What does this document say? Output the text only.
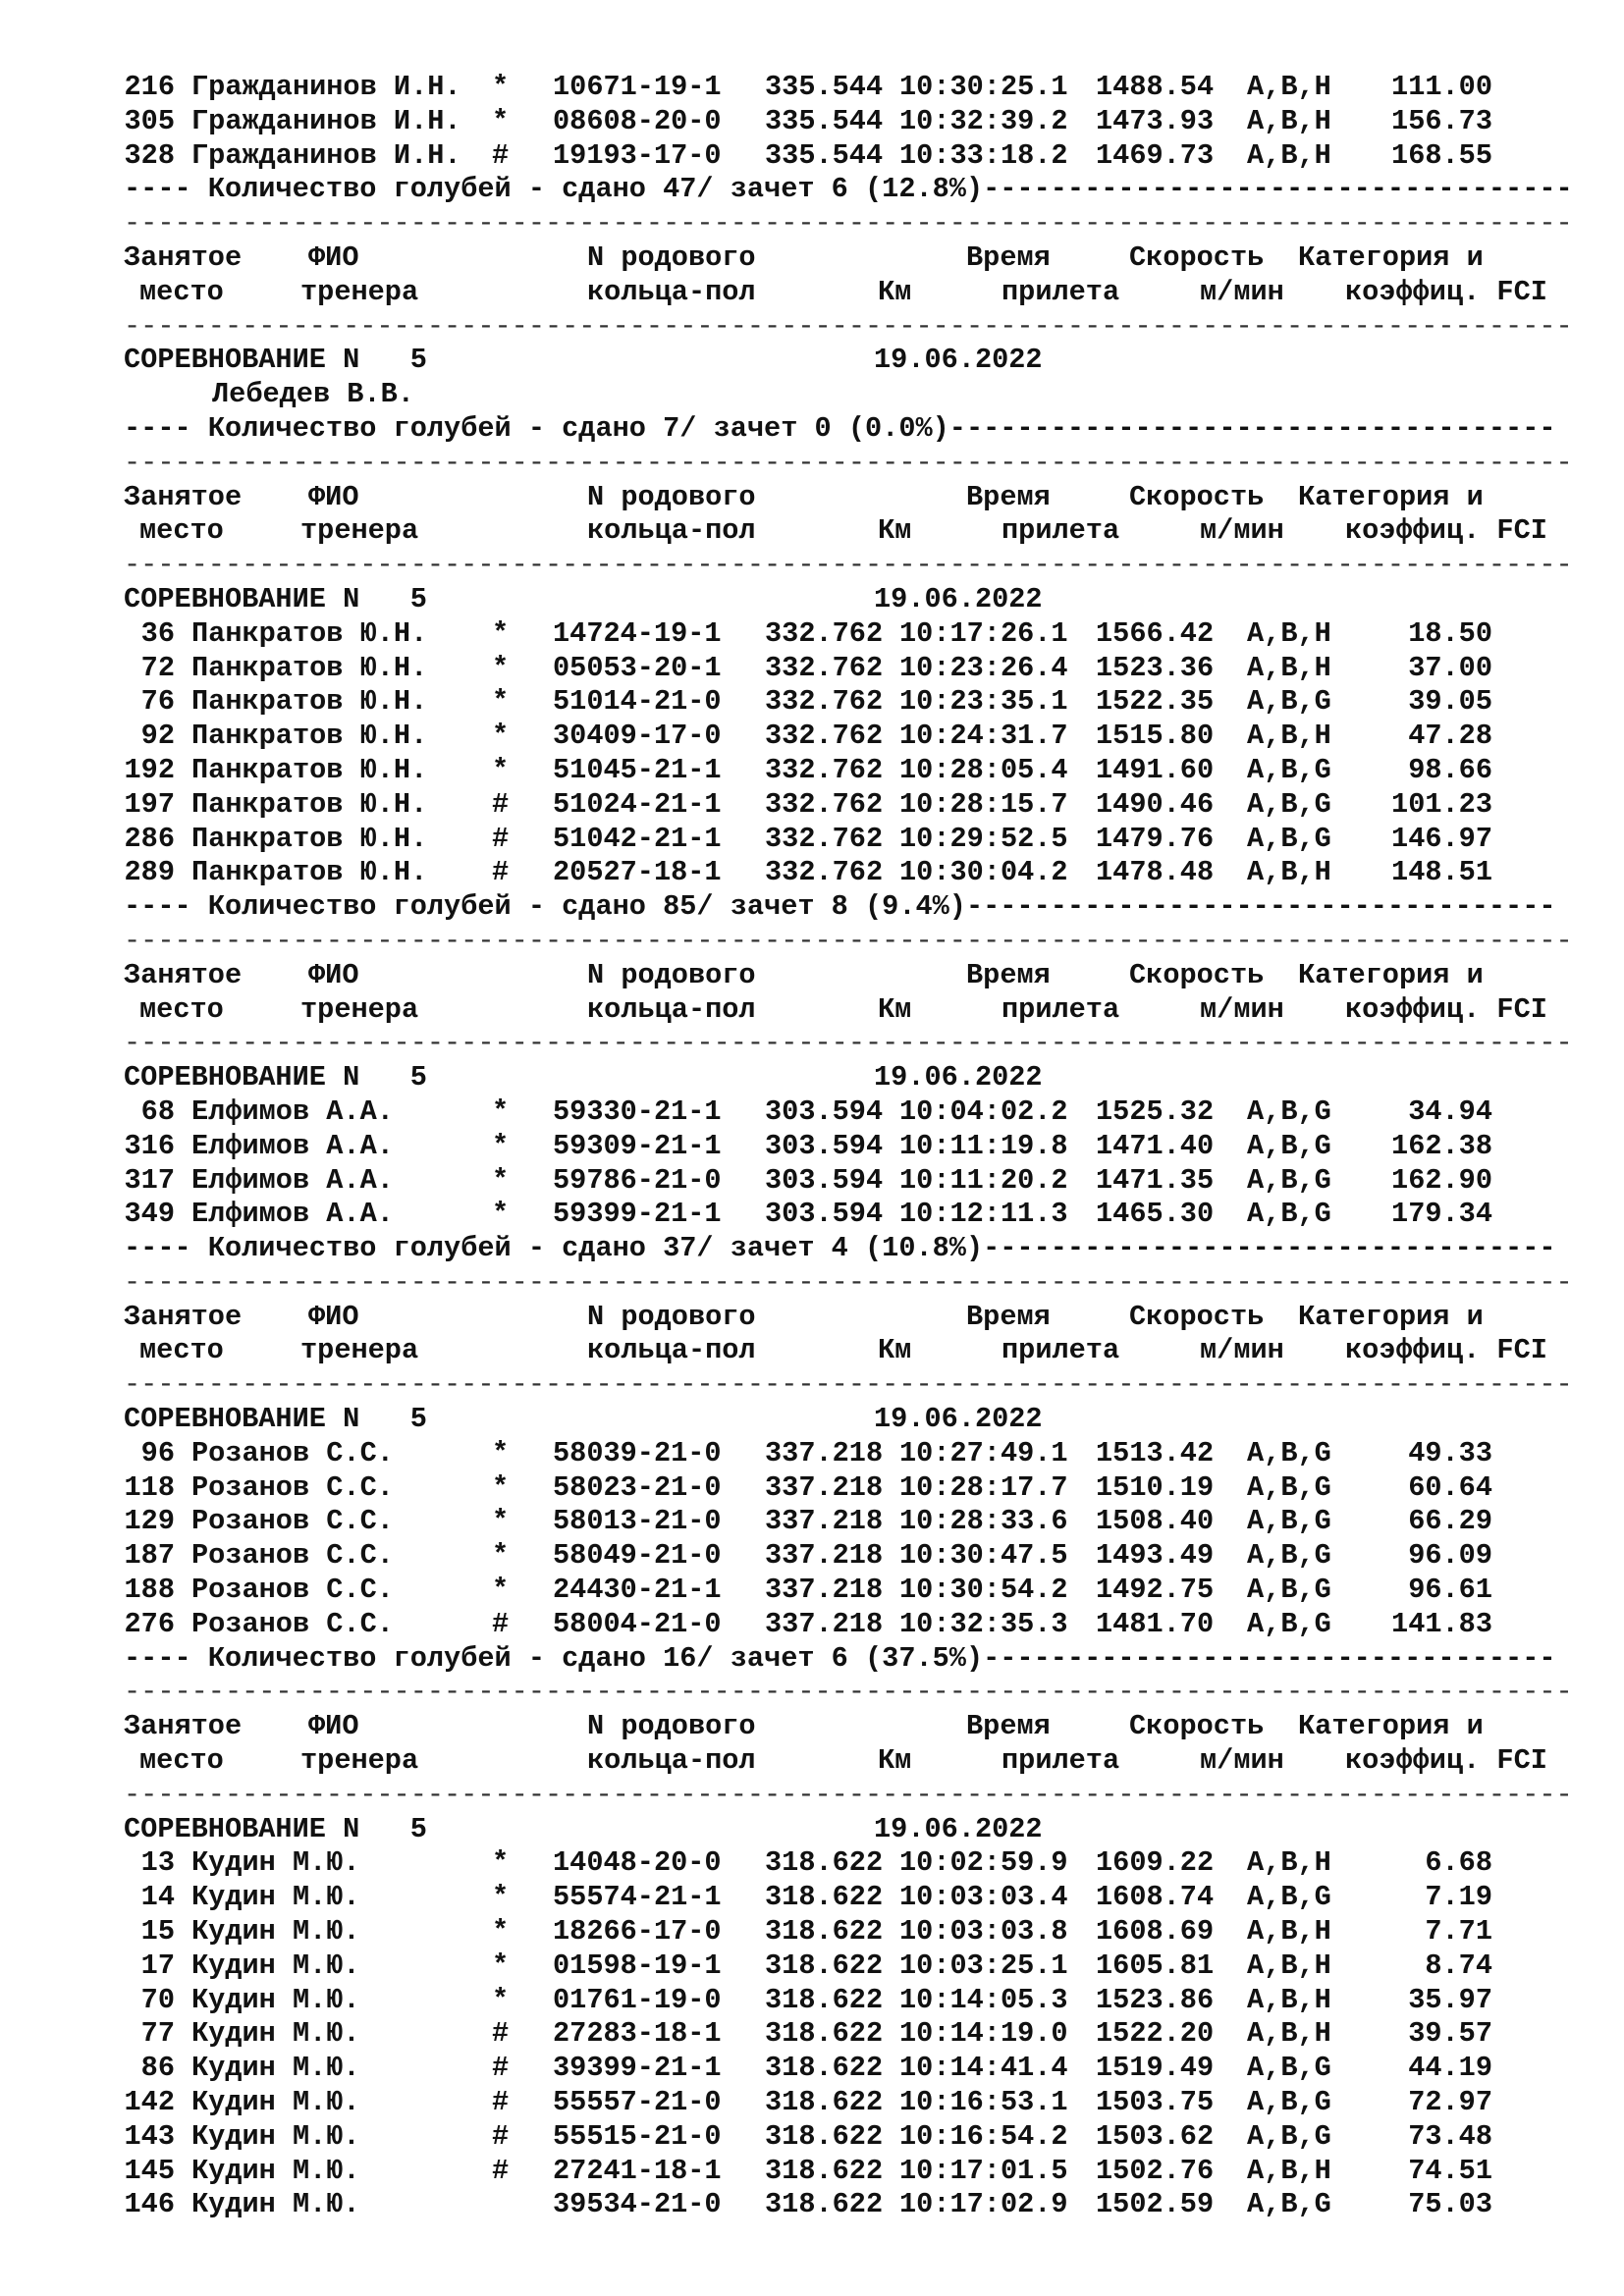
216 Гражданинов И.Н. * 10671-19-1 335.544 10:30:25.1 1488.54 A,B,H 111.00
305 Гражданинов И.Н. * 08608-20-0 335.544 10:32:39.2 1473.93 A,B,H 156.73
328 Гражданинов И.Н. # 19193-17-0 335.544 10:33:18.2 1469.73 A,B,H 168.55
---- Количество голубей - сдано 47/ зачет 6 (12.8%)-----------------------------------
--------------------------------------------------------------------------------------
Занятое ФИО	N родового	Время	Скорость Категория и
место	тренера	кольца-пол	Км	прилета	м/мин коэффиц. FCI
--------------------------------------------------------------------------------------
СОРЕВНОВАНИЕ N   5	19.06.2022
Лебедев В.В.
---- Количество голубей - сдано 7/ зачет 0 (0.0%)------------------------------------
--------------------------------------------------------------------------------------
Занятое ФИО	N родового	Время	Скорость Категория и
место	тренера	кольца-пол	Км	прилета	м/мин коэффиц. FCI
--------------------------------------------------------------------------------------
СОРЕВНОВАНИЕ N   5	19.06.2022
36 Панкратов Ю.Н. * 14724-19-1 332.762 10:17:26.1 1566.42 A,B,H	18.50
72 Панкратов Ю.Н. * 05053-20-1 332.762 10:23:26.4 1523.36 A,B,H	37.00
76 Панкратов Ю.Н. * 51014-21-0 332.762 10:23:35.1 1522.35 A,B,G	39.05
92 Панкратов Ю.Н. * 30409-17-0 332.762 10:24:31.7 1515.80 A,B,H	47.28
192 Панкратов Ю.Н. * 51045-21-1 332.762 10:28:05.4 1491.60 A,B,G	98.66
197 Панкратов Ю.Н. # 51024-21-1 332.762 10:28:15.7 1490.46 A,B,G 101.23
286 Панкратов Ю.Н. # 51042-21-1 332.762 10:29:52.5 1479.76 A,B,G 146.97
289 Панкратов Ю.Н. # 20527-18-1 332.762 10:30:04.2 1478.48 A,B,H 148.51
---- Количество голубей - сдано 85/ зачет 8 (9.4%)-----------------------------------
--------------------------------------------------------------------------------------
Занятое ФИО	N родового	Время	Скорость Категория и
место	тренера	кольца-пол	Км	прилета	м/мин коэффиц. FCI
--------------------------------------------------------------------------------------
СОРЕВНОВАНИЕ N   5	19.06.2022
68 Елфимов А.А.	* 59330-21-1 303.594 10:04:02.2 1525.32 A,B,G	34.94
316 Елфимов А.А.	* 59309-21-1 303.594 10:11:19.8 1471.40 A,B,G 162.38
317 Елфимов А.А.	* 59786-21-0 303.594 10:11:20.2 1471.35 A,B,G 162.90
349 Елфимов А.А.	* 59399-21-1 303.594 10:12:11.3 1465.30 A,B,G 179.34
---- Количество голубей - сдано 37/ зачет 4 (10.8%)----------------------------------
--------------------------------------------------------------------------------------
Занятое ФИО	N родового	Время	Скорость Категория и
место	тренера	кольца-пол	Км	прилета	м/мин коэффиц. FCI
--------------------------------------------------------------------------------------
СОРЕВНОВАНИЕ N   5	19.06.2022
96 Розанов С.С.	* 58039-21-0 337.218 10:27:49.1 1513.42 A,B,G	49.33
118 Розанов С.С.	* 58023-21-0 337.218 10:28:17.7 1510.19 A,B,G	60.64
129 Розанов С.С.	* 58013-21-0 337.218 10:28:33.6 1508.40 A,B,G	66.29
187 Розанов С.С.	* 58049-21-0 337.218 10:30:47.5 1493.49 A,B,G	96.09
188 Розанов С.С.	* 24430-21-1 337.218 10:30:54.2 1492.75 A,B,G	96.61
276 Розанов С.С.	# 58004-21-0 337.218 10:32:35.3 1481.70 A,B,G 141.83
---- Количество голубей - сдано 16/ зачет 6 (37.5%)----------------------------------
--------------------------------------------------------------------------------------
Занятое ФИО	N родового	Время	Скорость Категория и
место	тренера	кольца-пол	Км	прилета	м/мин коэффиц. FCI
--------------------------------------------------------------------------------------
СОРЕВНОВАНИЕ N   5	19.06.2022
13 Кудин М.Ю.	* 14048-20-0 318.622 10:02:59.9 1609.22 A,B,H	6.68
14 Кудин М.Ю.	* 55574-21-1 318.622 10:03:03.4 1608.74 A,B,G	7.19
15 Кудин М.Ю.	* 18266-17-0 318.622 10:03:03.8 1608.69 A,B,H	7.71
17 Кудин М.Ю.	* 01598-19-1 318.622 10:03:25.1 1605.81 A,B,H	8.74
70 Кудин М.Ю.	* 01761-19-0 318.622 10:14:05.3 1523.86 A,B,H	35.97
77 Кудин М.Ю.	# 27283-18-1 318.622 10:14:19.0 1522.20 A,B,H	39.57
86 Кудин М.Ю.	# 39399-21-1 318.622 10:14:41.4 1519.49 A,B,G	44.19
142 Кудин М.Ю.	# 55557-21-0 318.622 10:16:53.1 1503.75 A,B,G	72.97
143 Кудин М.Ю.	# 55515-21-0 318.622 10:16:54.2 1503.62 A,B,G	73.48
145 Кудин М.Ю.	# 27241-18-1 318.622 10:17:01.5 1502.76 A,B,H	74.51
146 Кудин М.Ю.	39534-21-0 318.622 10:17:02.9 1502.59 A,B,G	75.03
